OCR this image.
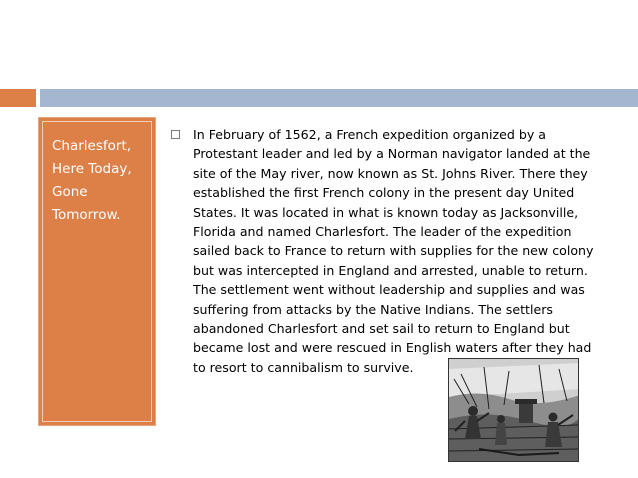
Charlesfort,
Here Today,
Gone
Tomorrow.
In February of 1562, a French expedition organized by a Protestant leader and led by a Norman navigator landed at the site of the May river, now known as St. Johns River. There they established the first French colony in the present day United States. It was located in what is known today as Jacksonville, Florida and named Charlesfort. The leader of the expedition sailed back to France to return with supplies for the new colony but was intercepted in England and arrested, unable to return. The settlement went without leadership and supplies and was suffering from attacks by the Native Indians. The settlers abandoned Charlesfort and set sail to return to England but became lost and were rescued in English waters after they had to resort to cannibalism to survive.
